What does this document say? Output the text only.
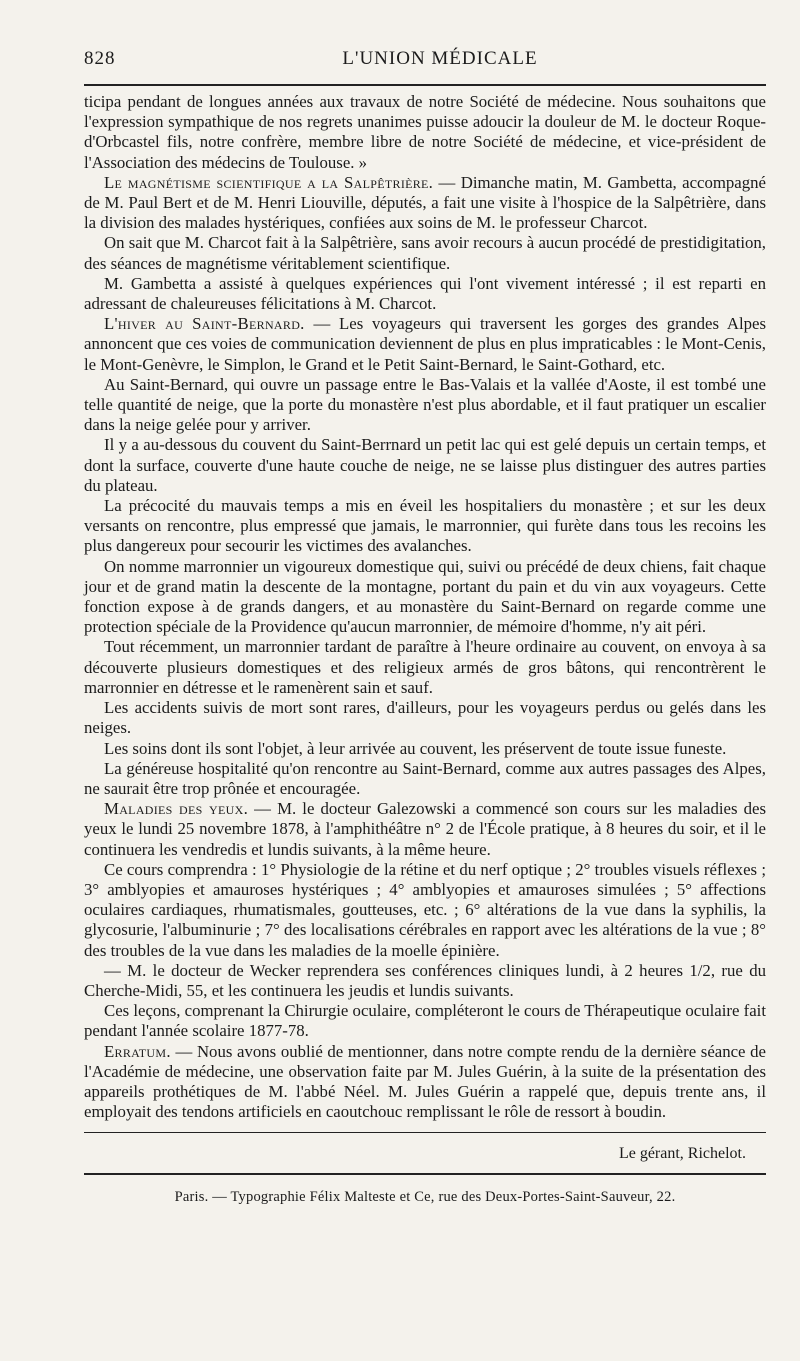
828	L'UNION MÉDICALE

ticipa pendant de longues années aux travaux de notre Société de médecine. Nous souhaitons que l'expression sympathique de nos regrets unanimes puisse adoucir la douleur de M. le docteur Roque-d'Orbcastel fils, notre confrère, membre libre de notre Société de médecine, et vice-président de l'Association des médecins de Toulouse. »

Le magnétisme scientifique a la Salpêtrière. — Dimanche matin, M. Gambetta, accompagné de M. Paul Bert et de M. Henri Liouville, députés, a fait une visite à l'hospice de la Salpêtrière, dans la division des malades hystériques, confiées aux soins de M. le professeur Charcot.

On sait que M. Charcot fait à la Salpêtrière, sans avoir recours à aucun procédé de prestidigitation, des séances de magnétisme véritablement scientifique.

M. Gambetta a assisté à quelques expériences qui l'ont vivement intéressé ; il est reparti en adressant de chaleureuses félicitations à M. Charcot.

L'hiver au Saint-Bernard. — Les voyageurs qui traversent les gorges des grandes Alpes annoncent que ces voies de communication deviennent de plus en plus impraticables : le Mont-Cenis, le Mont-Genèvre, le Simplon, le Grand et le Petit Saint-Bernard, le Saint-Gothard, etc.

Au Saint-Bernard, qui ouvre un passage entre le Bas-Valais et la vallée d'Aoste, il est tombé une telle quantité de neige, que la porte du monastère n'est plus abordable, et il faut pratiquer un escalier dans la neige gelée pour y arriver.

Il y a au-dessous du couvent du Saint-Berrnard un petit lac qui est gelé depuis un certain temps, et dont la surface, couverte d'une haute couche de neige, ne se laisse plus distinguer des autres parties du plateau.

La précocité du mauvais temps a mis en éveil les hospitaliers du monastère ; et sur les deux versants on rencontre, plus empressé que jamais, le marronnier, qui furète dans tous les recoins les plus dangereux pour secourir les victimes des avalanches.

On nomme marronnier un vigoureux domestique qui, suivi ou précédé de deux chiens, fait chaque jour et de grand matin la descente de la montagne, portant du pain et du vin aux voyageurs. Cette fonction expose à de grands dangers, et au monastère du Saint-Bernard on regarde comme une protection spéciale de la Providence qu'aucun marronnier, de mémoire d'homme, n'y ait péri.

Tout récemment, un marronnier tardant de paraître à l'heure ordinaire au couvent, on envoya à sa découverte plusieurs domestiques et des religieux armés de gros bâtons, qui rencontrèrent le marronnier en détresse et le ramenèrent sain et sauf.

Les accidents suivis de mort sont rares, d'ailleurs, pour les voyageurs perdus ou gelés dans les neiges.

Les soins dont ils sont l'objet, à leur arrivée au couvent, les préservent de toute issue funeste.

La généreuse hospitalité qu'on rencontre au Saint-Bernard, comme aux autres passages des Alpes, ne saurait être trop prônée et encouragée.

Maladies des yeux. — M. le docteur Galezowski a commencé son cours sur les maladies des yeux le lundi 25 novembre 1878, à l'amphithéâtre n° 2 de l'École pratique, à 8 heures du soir, et il le continuera les vendredis et lundis suivants, à la même heure.

Ce cours comprendra : 1° Physiologie de la rétine et du nerf optique ; 2° troubles visuels réflexes ; 3° amblyopies et amauroses hystériques ; 4° amblyopies et amauroses simulées ; 5° affections oculaires cardiaques, rhumatismales, goutteuses, etc. ; 6° altérations de la vue dans la syphilis, la glycosurie, l'albuminurie ; 7° des localisations cérébrales en rapport avec les altérations de la vue ; 8° des troubles de la vue dans les maladies de la moelle épinière.

— M. le docteur de Wecker reprendera ses conférences cliniques lundi, à 2 heures 1/2, rue du Cherche-Midi, 55, et les continuera les jeudis et lundis suivants.

Ces leçons, comprenant la Chirurgie oculaire, compléteront le cours de Thérapeutique oculaire fait pendant l'année scolaire 1877-78.

Erratum. — Nous avons oublié de mentionner, dans notre compte rendu de la dernière séance de l'Académie de médecine, une observation faite par M. Jules Guérin, à la suite de la présentation des appareils prothétiques de M. l'abbé Néel. M. Jules Guérin a rappelé que, depuis trente ans, il employait des tendons artificiels en caoutchouc remplissant le rôle de ressort à boudin.

Le gérant, Richelot.
Paris. — Typographie Félix Malteste et Ce, rue des Deux-Portes-Saint-Sauveur, 22.
